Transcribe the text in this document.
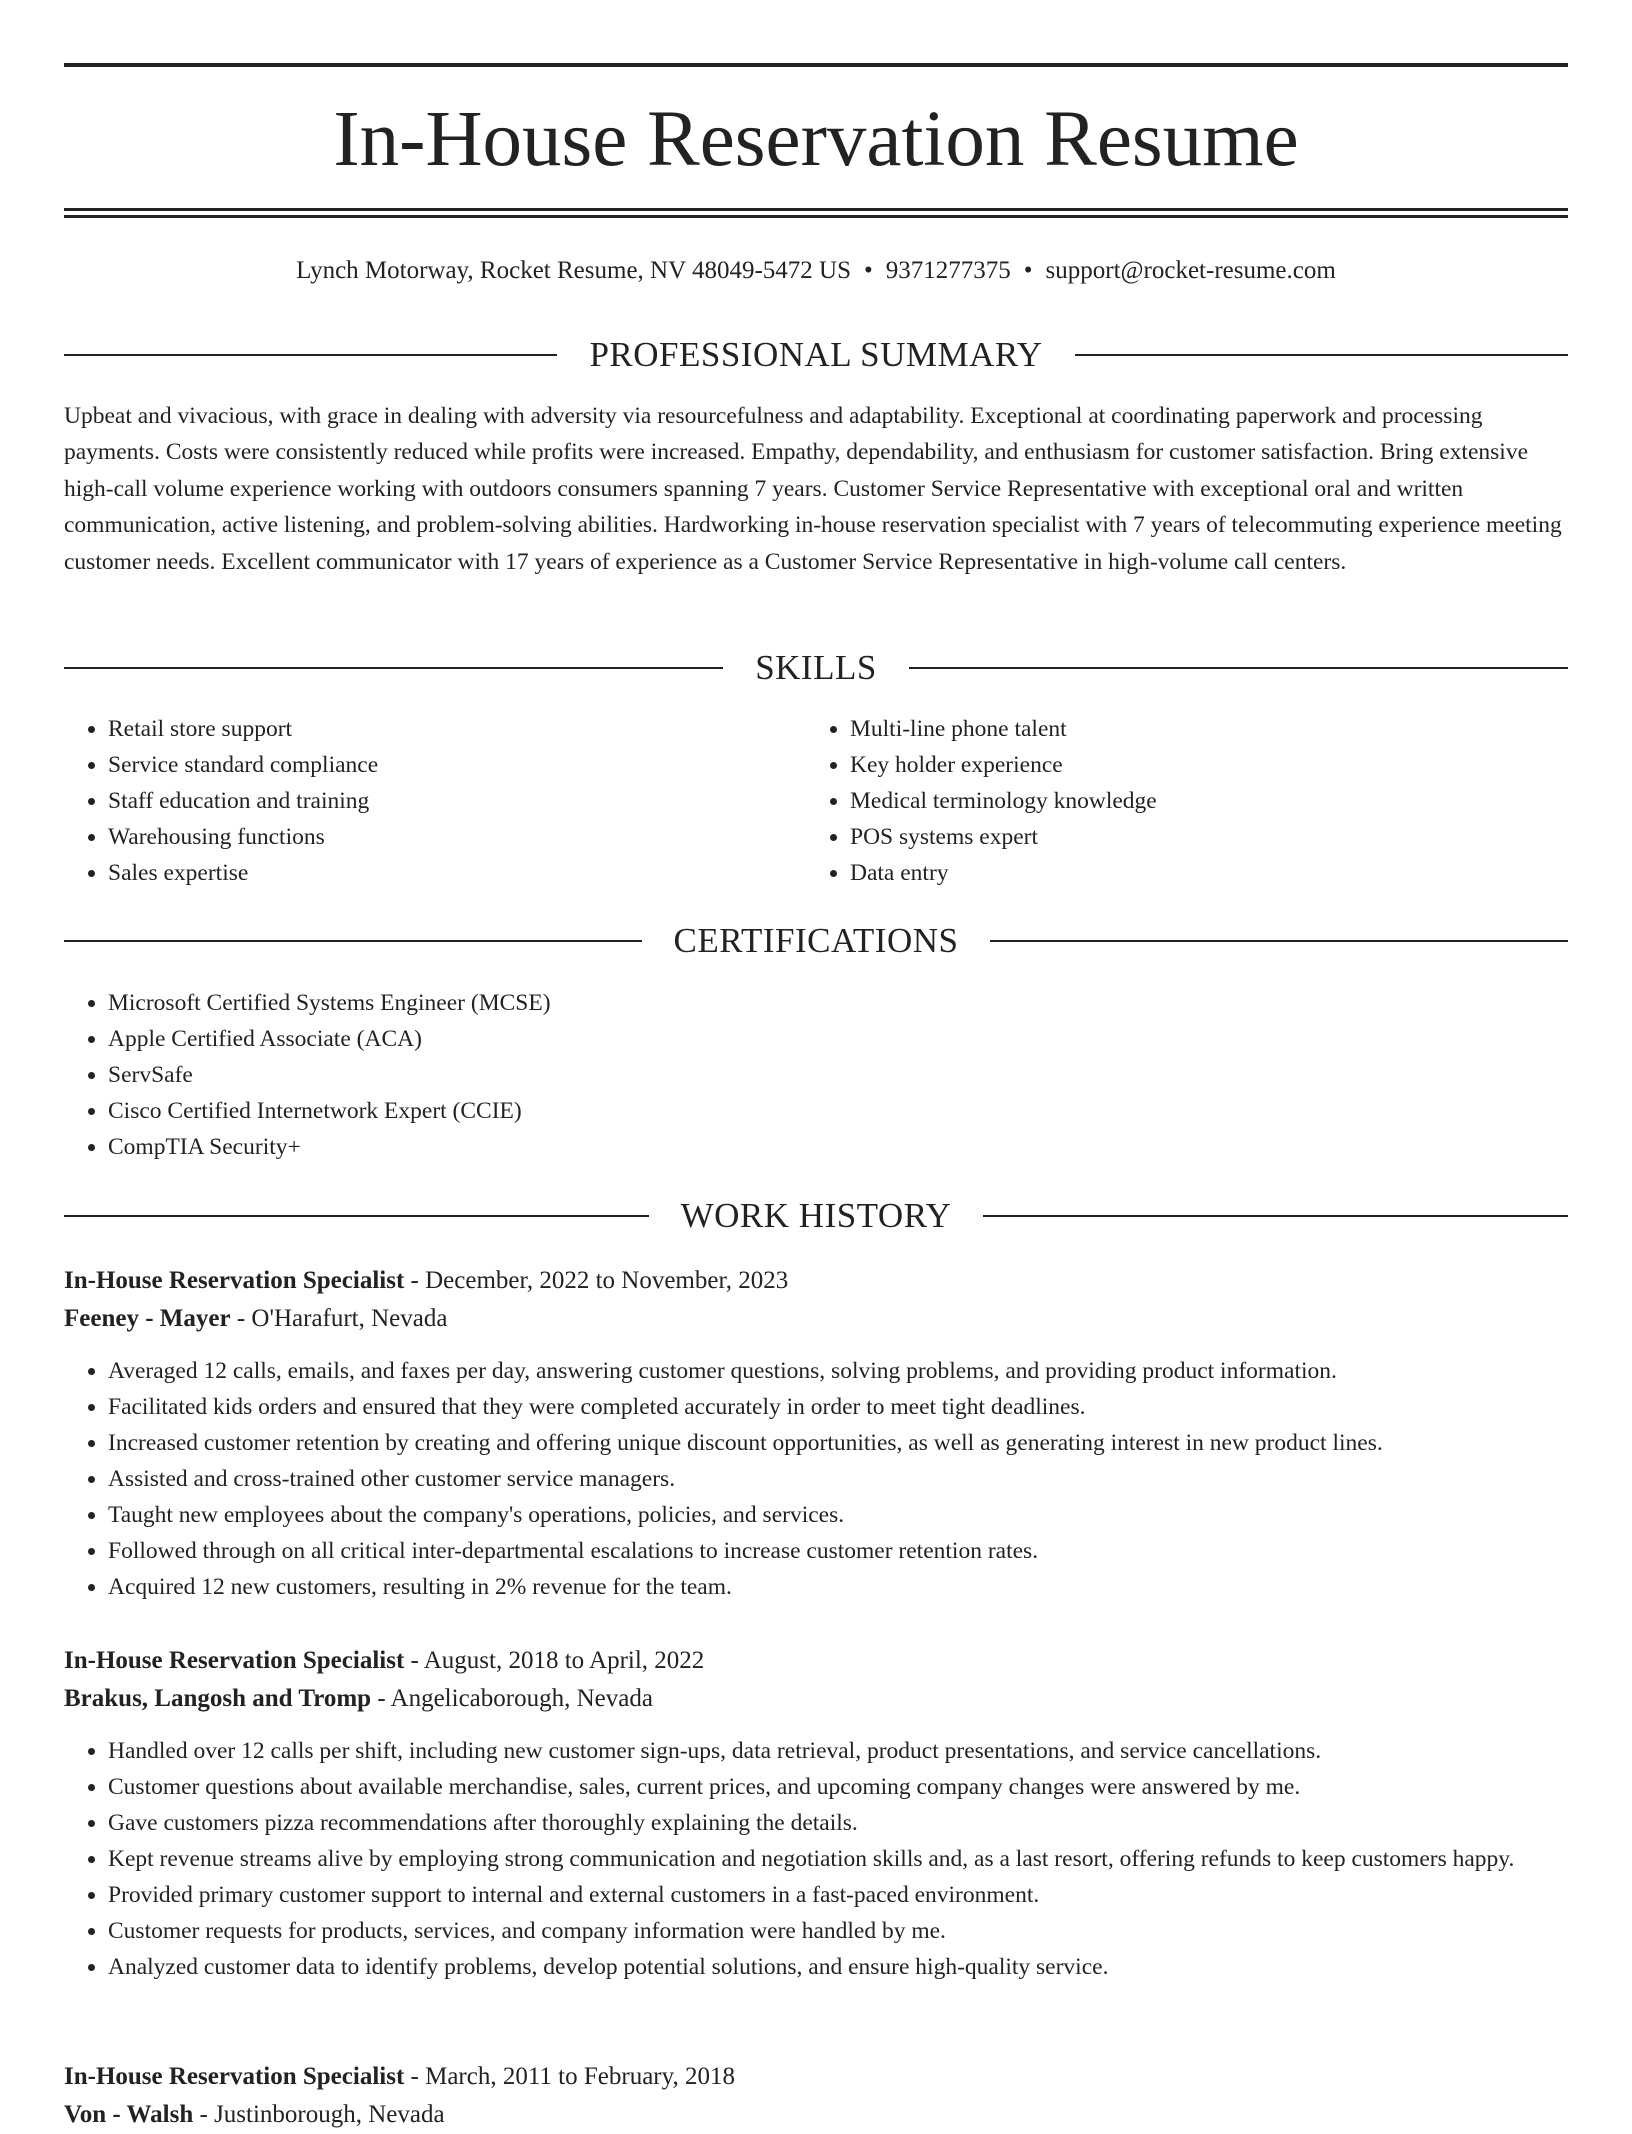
In-House Reservation Resume
Lynch Motorway, Rocket Resume, NV 48049-5472 US • 9371277375 • support@rocket-resume.com
PROFESSIONAL SUMMARY

Upbeat and vivacious, with grace in dealing with adversity via resourcefulness and adaptability. Exceptional at coordinating paperwork and processing payments. Costs were consistently reduced while profits were increased. Empathy, dependability, and enthusiasm for customer satisfaction. Bring extensive high-call volume experience working with outdoors consumers spanning 7 years. Customer Service Representative with exceptional oral and written communication, active listening, and problem-solving abilities. Hardworking in-house reservation specialist with 7 years of telecommuting experience meeting customer needs. Excellent communicator with 17 years of experience as a Customer Service Representative in high-volume call centers.

SKILLS
• Retail store support
• Service standard compliance
• Staff education and training
• Warehousing functions
• Sales expertise
• Multi-line phone talent
• Key holder experience
• Medical terminology knowledge
• POS systems expert
• Data entry
CERTIFICATIONS
• Microsoft Certified Systems Engineer (MCSE)
• Apple Certified Associate (ACA)
• ServSafe
• Cisco Certified Internetwork Expert (CCIE)
• CompTIA Security+
WORK HISTORY

In-House Reservation Specialist - December, 2022 to November, 2023

Feeney - Mayer - O'Harafurt, Nevada

• Averaged 12 calls, emails, and faxes per day, answering customer questions, solving problems, and providing product information.
• Facilitated kids orders and ensured that they were completed accurately in order to meet tight deadlines.
• Increased customer retention by creating and offering unique discount opportunities, as well as generating interest in new product lines.
• Assisted and cross-trained other customer service managers.
• Taught new employees about the company's operations, policies, and services.
• Followed through on all critical inter-departmental escalations to increase customer retention rates.
• Acquired 12 new customers, resulting in 2% revenue for the team.

In-House Reservation Specialist - August, 2018 to April, 2022

Brakus, Langosh and Tromp - Angelicaborough, Nevada

• Handled over 12 calls per shift, including new customer sign-ups, data retrieval, product presentations, and service cancellations.
• Customer questions about available merchandise, sales, current prices, and upcoming company changes were answered by me.
• Gave customers pizza recommendations after thoroughly explaining the details.
• Kept revenue streams alive by employing strong communication and negotiation skills and, as a last resort, offering refunds to keep customers happy.
• Provided primary customer support to internal and external customers in a fast-paced environment.
• Customer requests for products, services, and company information were handled by me.
• Analyzed customer data to identify problems, develop potential solutions, and ensure high-quality service.

In-House Reservation Specialist - March, 2011 to February, 2018

Von - Walsh - Justinborough, Nevada
